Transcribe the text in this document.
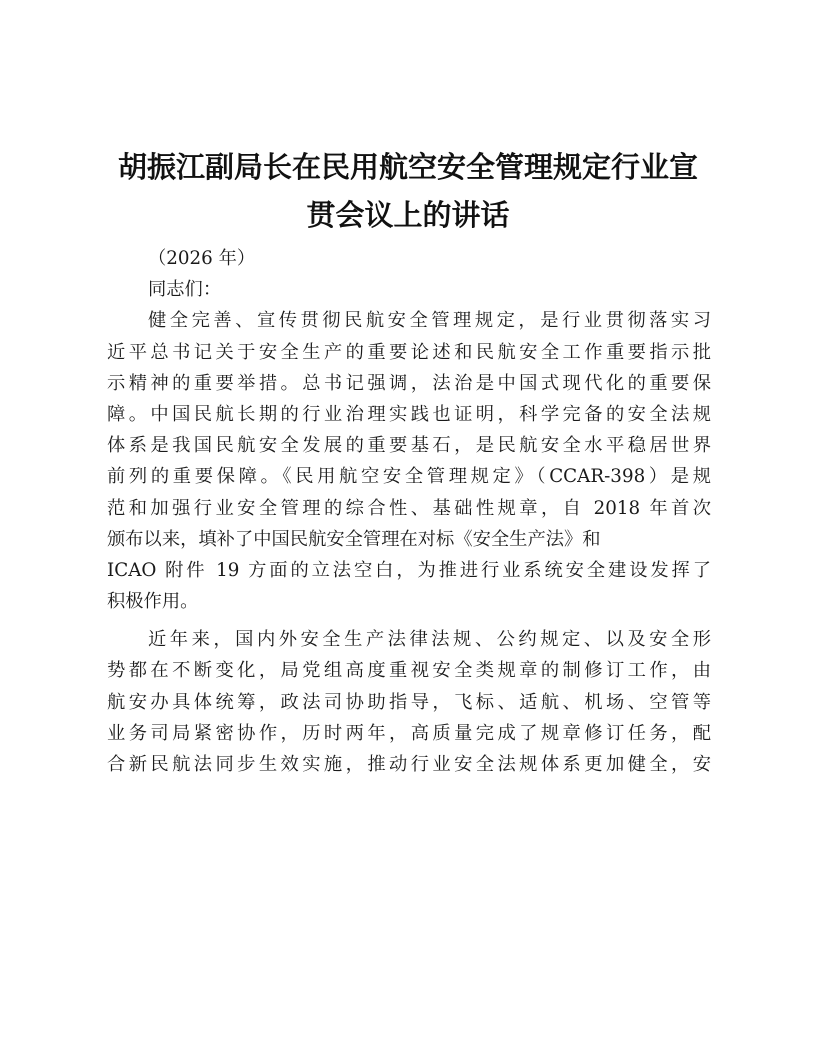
胡振江副局长在民用航空安全管理规定行业宣
贯会议上的讲话
（2026 年）
同志们：
健全完善、宣传贯彻民航安全管理规定，是行业贯彻落实习
近平总书记关于安全生产的重要论述和民航安全工作重要指示批
示精神的重要举措。总书记强调，法治是中国式现代化的重要保
障。中国民航长期的行业治理实践也证明，科学完备的安全法规
体系是我国民航安全发展的重要基石，是民航安全水平稳居世界
前列的重要保障。《民用航空安全管理规定》（CCAR-398）是规
范和加强行业安全管理的综合性、基础性规章，自 2018 年首次
颁布以来，填补了中国民航安全管理在对标《安全生产法》和
ICAO 附件 19 方面的立法空白，为推进行业系统安全建设发挥了
积极作用。
近年来，国内外安全生产法律法规、公约规定、以及安全形
势都在不断变化，局党组高度重视安全类规章的制修订工作，由
航安办具体统筹，政法司协助指导，飞标、适航、机场、空管等
业务司局紧密协作，历时两年，高质量完成了规章修订任务，配
合新民航法同步生效实施，推动行业安全法规体系更加健全，安
